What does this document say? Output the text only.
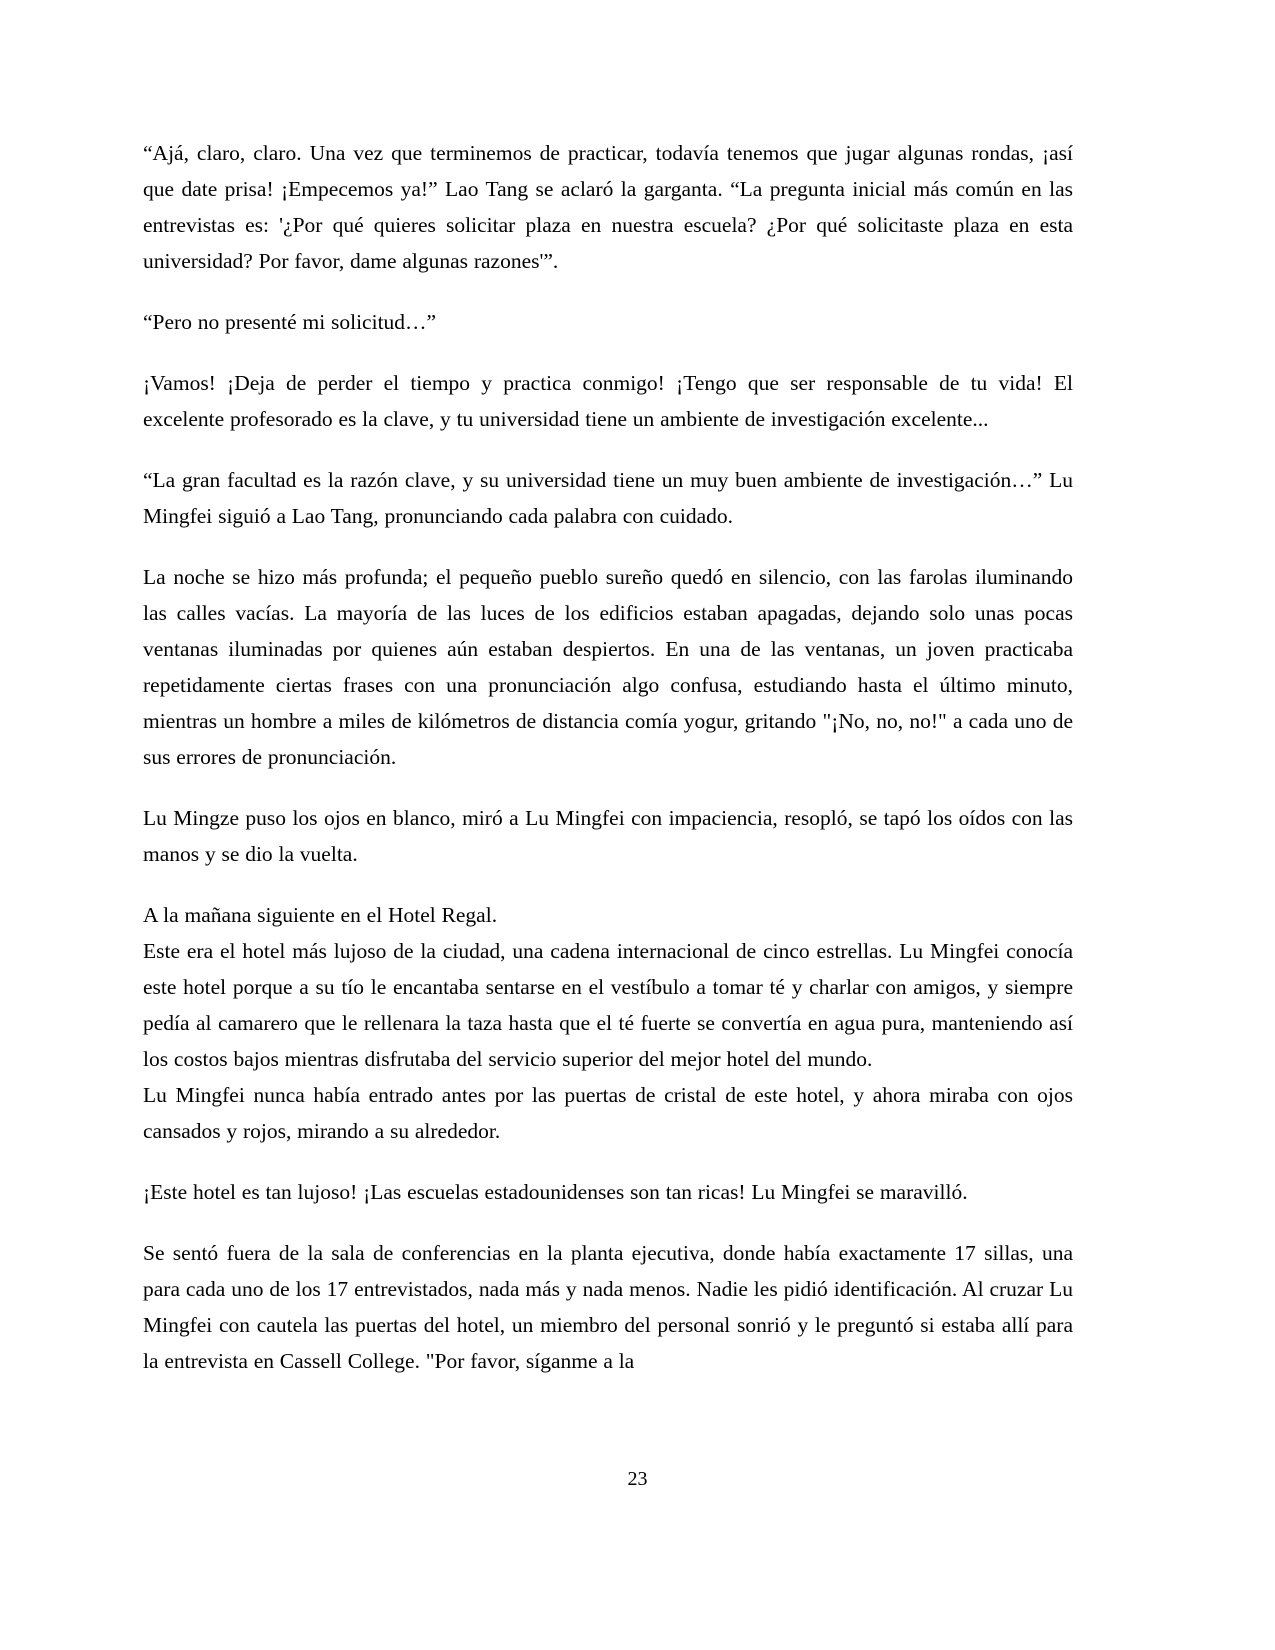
“Ajá, claro, claro. Una vez que terminemos de practicar, todavía tenemos que jugar algunas rondas, ¡así que date prisa! ¡Empecemos ya!” Lao Tang se aclaró la garganta. “La pregunta inicial más común en las entrevistas es: '¿Por qué quieres solicitar plaza en nuestra escuela? ¿Por qué solicitaste plaza en esta universidad? Por favor, dame algunas razones'”.

“Pero no presenté mi solicitud…”

¡Vamos! ¡Deja de perder el tiempo y practica conmigo! ¡Tengo que ser responsable de tu vida! El excelente profesorado es la clave, y tu universidad tiene un ambiente de investigación excelente...

“La gran facultad es la razón clave, y su universidad tiene un muy buen ambiente de investigación…” Lu Mingfei siguió a Lao Tang, pronunciando cada palabra con cuidado.

La noche se hizo más profunda; el pequeño pueblo sureño quedó en silencio, con las farolas iluminando las calles vacías. La mayoría de las luces de los edificios estaban apagadas, dejando solo unas pocas ventanas iluminadas por quienes aún estaban despiertos. En una de las ventanas, un joven practicaba repetidamente ciertas frases con una pronunciación algo confusa, estudiando hasta el último minuto, mientras un hombre a miles de kilómetros de distancia comía yogur, gritando "¡No, no, no!" a cada uno de sus errores de pronunciación.

Lu Mingze puso los ojos en blanco, miró a Lu Mingfei con impaciencia, resopló, se tapó los oídos con las manos y se dio la vuelta.

A la mañana siguiente en el Hotel Regal.

Este era el hotel más lujoso de la ciudad, una cadena internacional de cinco estrellas. Lu Mingfei conocía este hotel porque a su tío le encantaba sentarse en el vestíbulo a tomar té y charlar con amigos, y siempre pedía al camarero que le rellenara la taza hasta que el té fuerte se convertía en agua pura, manteniendo así los costos bajos mientras disfrutaba del servicio superior del mejor hotel del mundo.

Lu Mingfei nunca había entrado antes por las puertas de cristal de este hotel, y ahora miraba con ojos cansados y rojos, mirando a su alrededor.

¡Este hotel es tan lujoso! ¡Las escuelas estadounidenses son tan ricas! Lu Mingfei se maravilló.

Se sentó fuera de la sala de conferencias en la planta ejecutiva, donde había exactamente 17 sillas, una para cada uno de los 17 entrevistados, nada más y nada menos. Nadie les pidió identificación. Al cruzar Lu Mingfei con cautela las puertas del hotel, un miembro del personal sonrió y le preguntó si estaba allí para la entrevista en Cassell College. "Por favor, síganme a la

23
